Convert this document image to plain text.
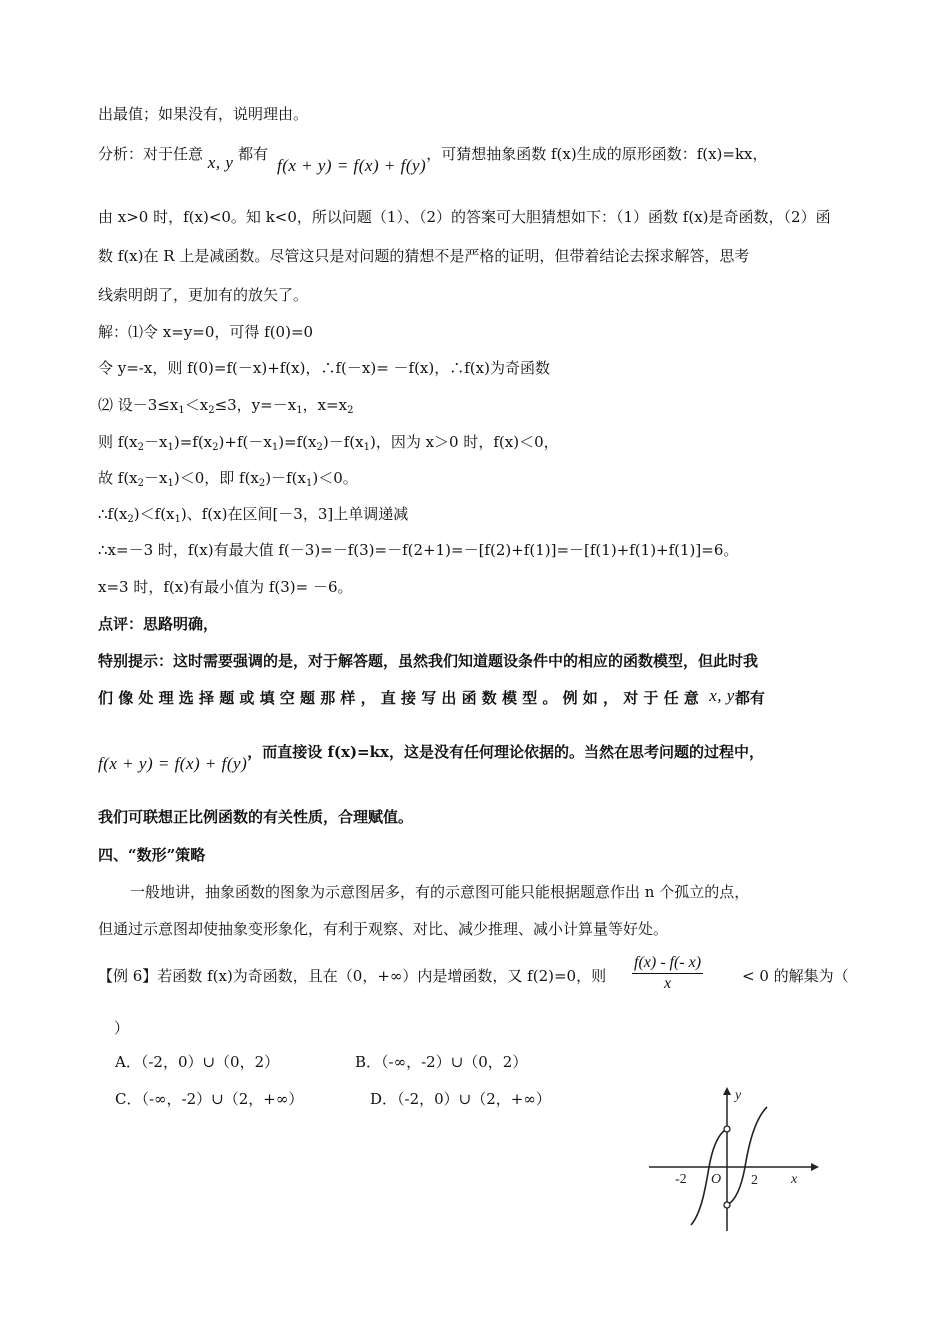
出最值；如果没有，说明理由。
分析：对于任意 x, y 都有 f(x + y) = f(x) + f(y)，可猜想抽象函数 f(x)生成的原形函数：f(x)=kx，
由 x>0 时，f(x)<0。知 k<0，所以问题（1）、（2）的答案可大胆猜想如下：（1）函数 f(x)是奇函数，（2）函
数 f(x)在 R 上是减函数。尽管这只是对问题的猜想不是严格的证明，但带着结论去探求解答，思考
线索明朗了，更加有的放矢了。
解：⑴令 x=y=0，可得 f(0)=0
令 y=-x，则 f(0)=f(－x)+f(x)，∴f(－x)= －f(x)，∴f(x)为奇函数
⑵ 设$-3\le x_1<x_2\le 3$，$y=-x_1$，$x=x_2$
则 $f(x_2-x_1)=f(x_2)+f(-x_1)=f(x_2)-f(x_1)$，因为 x＞0 时，f(x)＜0，
故 $f(x_2-x_1)<0$，即 $f(x_2)-f(x_1)<0$。
$\therefore f(x_2)<f(x_1)$、f(x)在区间[－3，3]上单调递减
∴x=－3 时，f(x)有最大值 f(－3)=－f(3)=－f(2+1)=－[f(2)+f(1)]=－[f(1)+f(1)+f(1)]=6。
x=3 时，f(x)有最小值为 f(3)= －6。
点评：思路明确，
特别提示：这时需要强调的是，对于解答题，虽然我们知道题设条件中的相应的函数模型，但此时我
们像处理选择题或填空题那样，直接写出函数模型。例如，对于任意 x, y都有
f(x + y) = f(x) + f(y)，而直接设 f(x)=kx，这是没有任何理论依据的。当然在思考问题的过程中，
我们可联想正比例函数的有关性质，合理赋值。
四、“数形”策略
一般地讲，抽象函数的图象为示意图居多，有的示意图可能只能根据题意作出 n 个孤立的点，
但通过示意图却使抽象变形象化，有利于观察、对比、减少推理、减小计算量等好处。
【例 6】若函数 f(x)为奇函数，且在（0，+∞）内是增函数，又 f(2)=0，则
f(x) - f(- x)
x	< 0 的解集为（
）
A．（-2，0）∪（0，2）	B．（-∞，-2）∪（0，2）
C．（-∞，-2）∪（2，+∞）	D．（-2，0）∪（2，+∞）	y
x
O
-2	2
